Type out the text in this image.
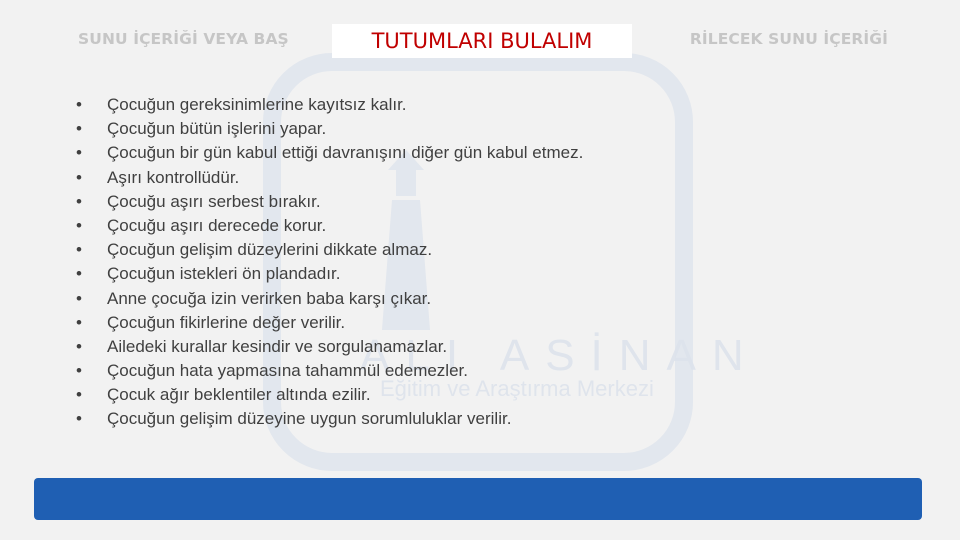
ALI ASİNAN
Eğitim ve Araştırma Merkezi
SUNU İÇERİĞİ VEYA BAŞ	RİLECEK SUNU İÇERİĞİ
TUTUMLARI BULALIM
•	Çocuğun gereksinimlerine kayıtsız kalır.
•	Çocuğun bütün işlerini yapar.
•	Çocuğun bir gün kabul ettiği davranışını diğer gün kabul etmez.
•	Aşırı kontrollüdür.
•	Çocuğu aşırı serbest bırakır.
•	Çocuğu aşırı derecede korur.
•	Çocuğun gelişim düzeylerini dikkate almaz.
•	Çocuğun istekleri ön plandadır.
•	Anne çocuğa izin verirken baba karşı çıkar.
•	Çocuğun fikirlerine değer verilir.
•	Ailedeki kurallar kesindir ve sorgulanamazlar.
•	Çocuğun hata yapmasına tahammül edemezler.
•	Çocuk ağır beklentiler altında ezilir.
•	Çocuğun gelişim düzeyine uygun sorumluluklar verilir.
